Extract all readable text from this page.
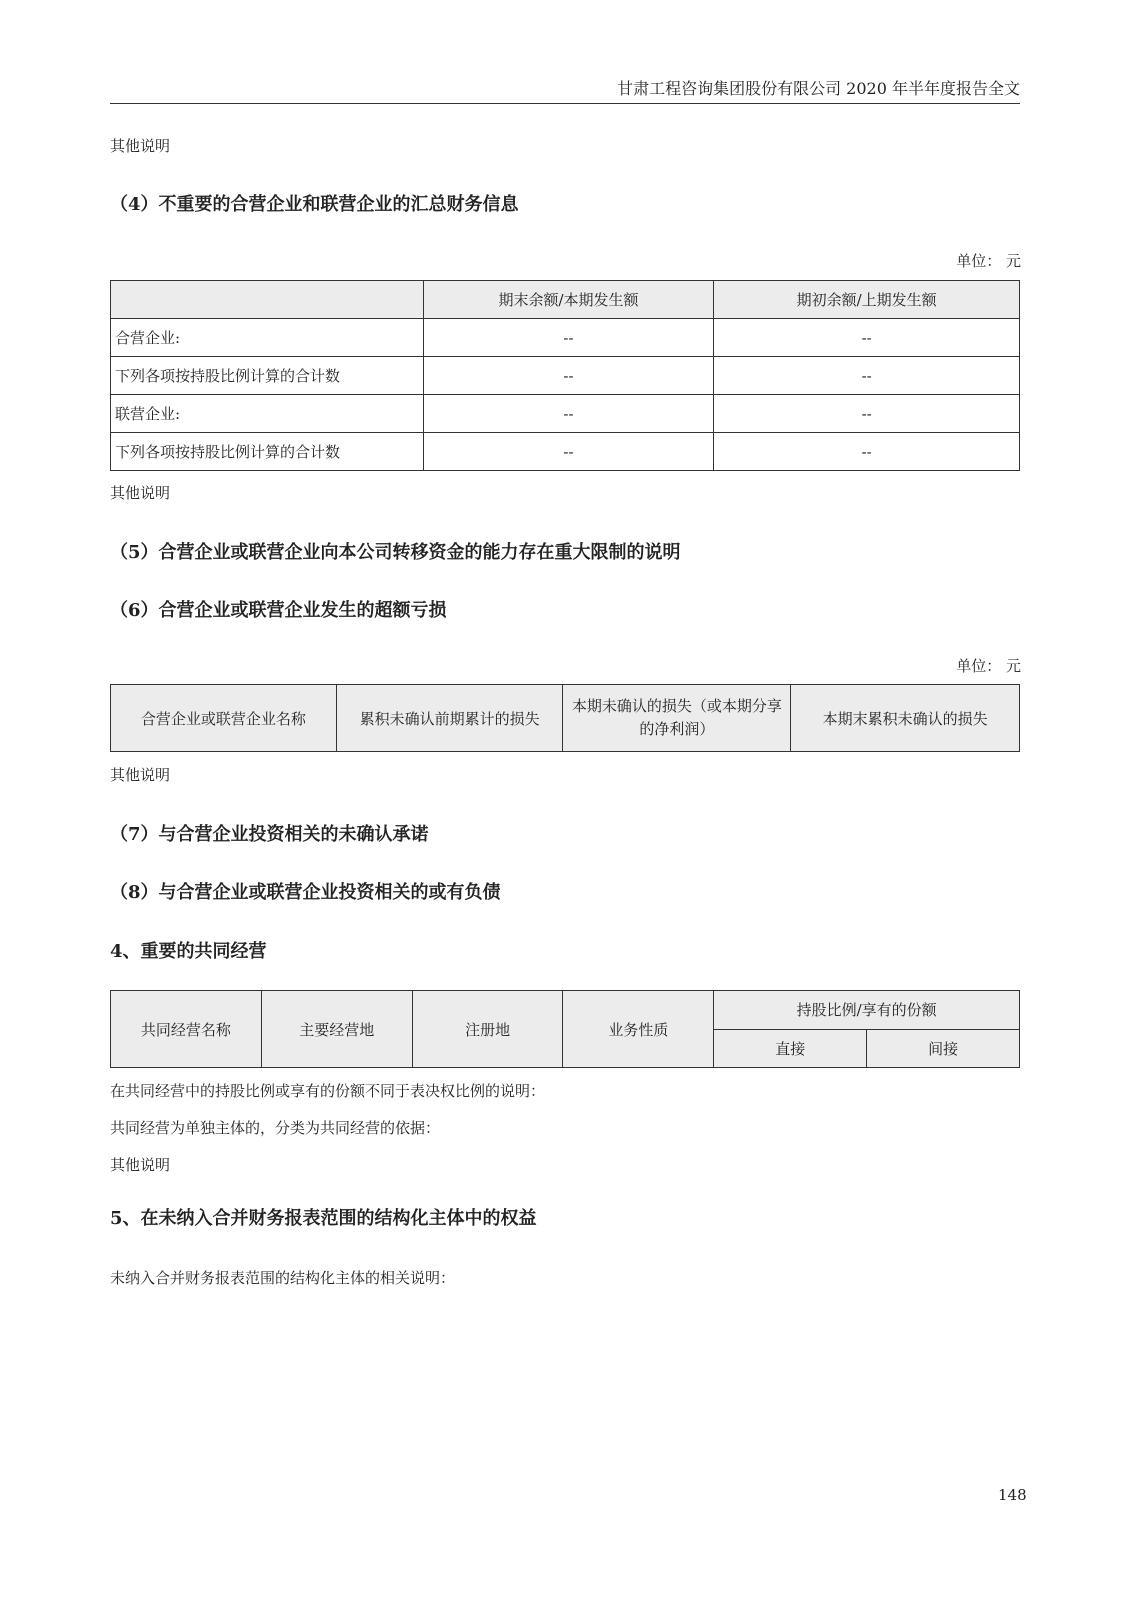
甘肃工程咨询集团股份有限公司 2020 年半年度报告全文
其他说明
（4）不重要的合营企业和联营企业的汇总财务信息
单位： 元
	期末余额/本期发生额	期初余额/上期发生额
合营企业:	--	--
下列各项按持股比例计算的合计数	--	--
联营企业:	--	--
下列各项按持股比例计算的合计数	--	--
其他说明
（5）合营企业或联营企业向本公司转移资金的能力存在重大限制的说明
（6）合营企业或联营企业发生的超额亏损
单位： 元
合营企业或联营企业名称	累积未确认前期累计的损失	本期未确认的损失（或本期分享的净利润）	本期末累积未确认的损失
其他说明
（7）与合营企业投资相关的未确认承诺
（8）与合营企业或联营企业投资相关的或有负债
4、重要的共同经营
共同经营名称	主要经营地	注册地	业务性质	持股比例/享有的份额	
				直接	间接
在共同经营中的持股比例或享有的份额不同于表决权比例的说明：
共同经营为单独主体的，分类为共同经营的依据：
其他说明
5、在未纳入合并财务报表范围的结构化主体中的权益
未纳入合并财务报表范围的结构化主体的相关说明：
148
